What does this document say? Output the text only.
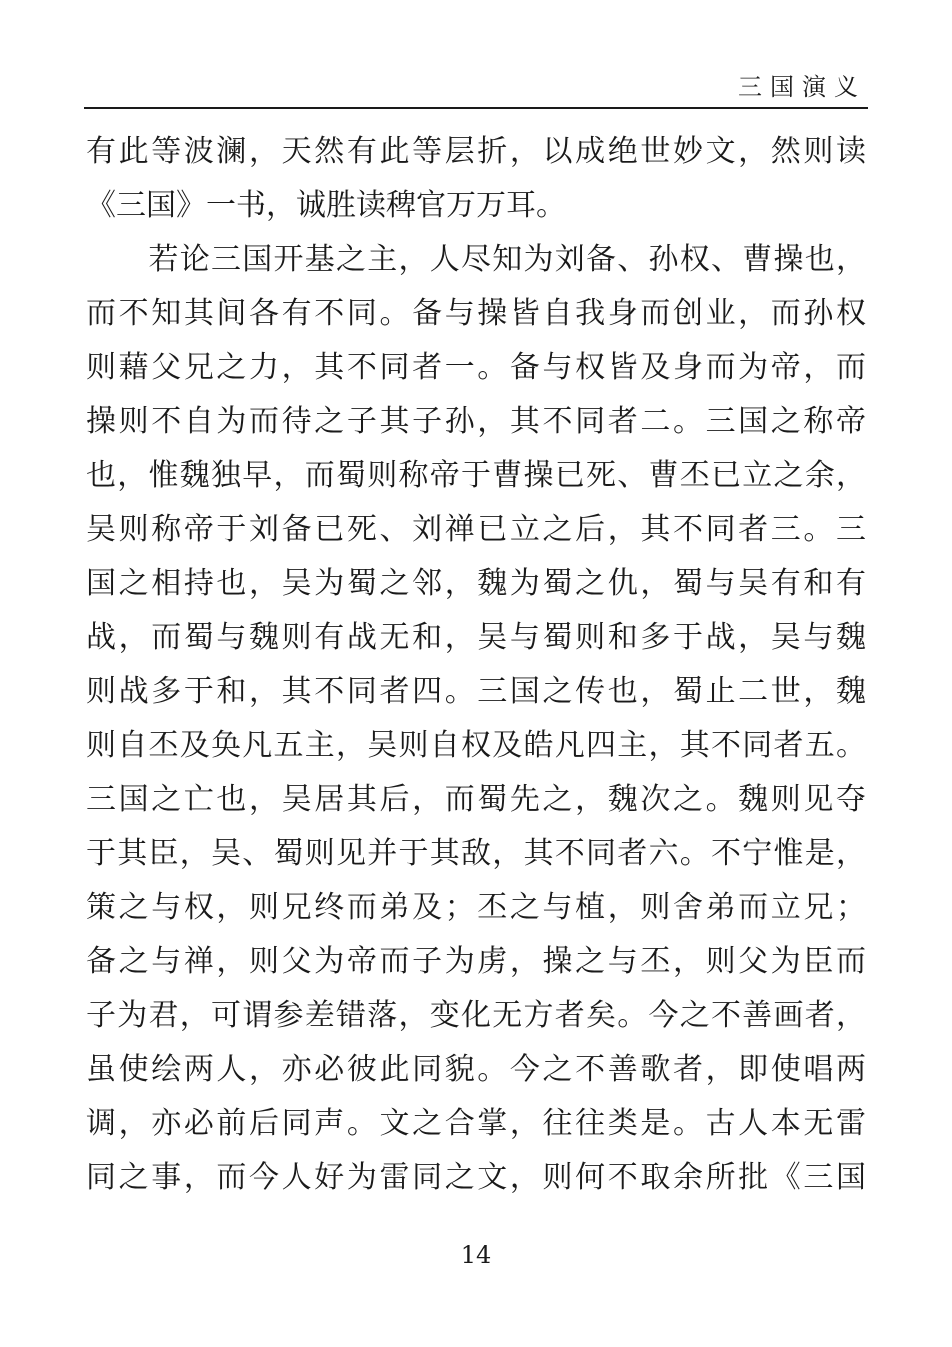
三国演义
有此等波澜，天然有此等层折，以成绝世妙文，然则读
《三国》一书，诚胜读稗官万万耳。
　　若论三国开基之主，人尽知为刘备、孙权、曹操也，
而不知其间各有不同。备与操皆自我身而创业，而孙权
则藉父兄之力，其不同者一。备与权皆及身而为帝，而
操则不自为而待之子其子孙，其不同者二。三国之称帝
也，惟魏独早，而蜀则称帝于曹操已死、曹丕已立之余，
吴则称帝于刘备已死、刘禅已立之后，其不同者三。三
国之相持也，吴为蜀之邻，魏为蜀之仇，蜀与吴有和有
战，而蜀与魏则有战无和，吴与蜀则和多于战，吴与魏
则战多于和，其不同者四。三国之传也，蜀止二世，魏
则自丕及奂凡五主，吴则自权及皓凡四主，其不同者五。
三国之亡也，吴居其后，而蜀先之，魏次之。魏则见夺
于其臣，吴、蜀则见并于其敌，其不同者六。不宁惟是，
策之与权，则兄终而弟及；丕之与植，则舍弟而立兄；
备之与禅，则父为帝而子为虏，操之与丕，则父为臣而
子为君，可谓参差错落，变化无方者矣。今之不善画者，
虽使绘两人，亦必彼此同貌。今之不善歌者，即使唱两
调，亦必前后同声。文之合掌，往往类是。古人本无雷
同之事，而今人好为雷同之文，则何不取余所批《三国
14
